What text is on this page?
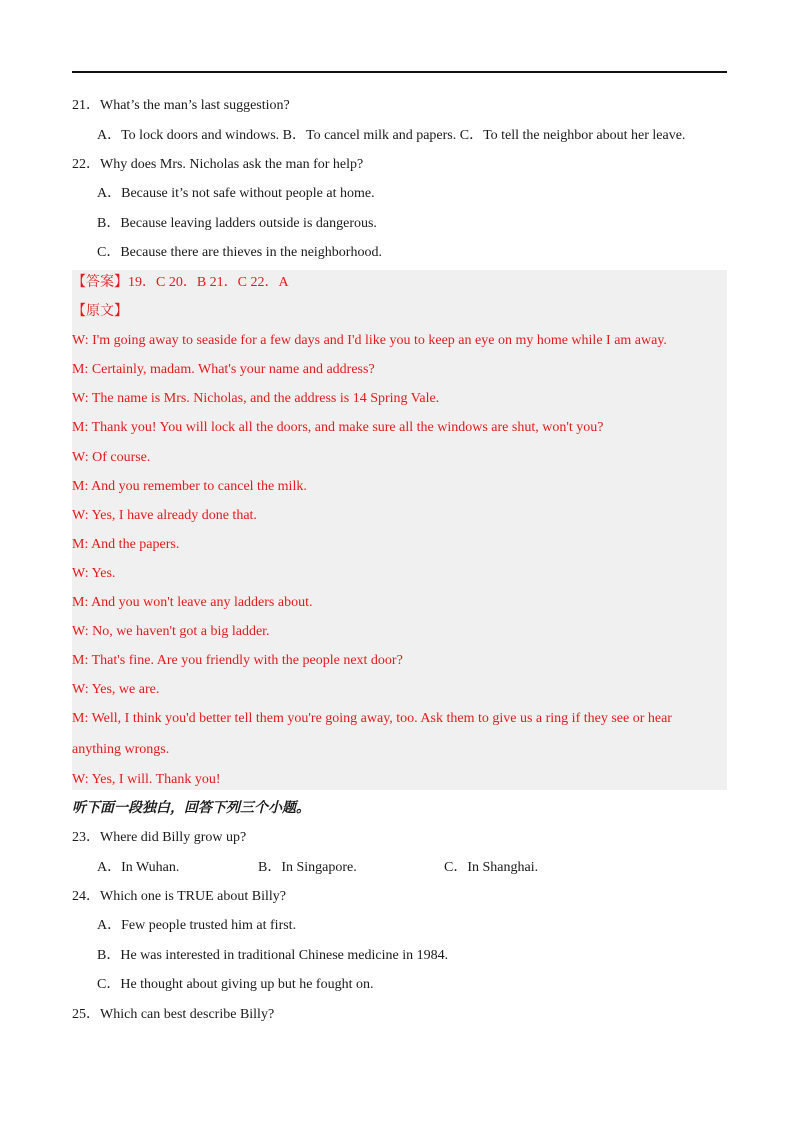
21．What’s the man’s last suggestion?
A．To lock doors and windows. B．To cancel milk and papers. C．To tell the neighbor about her leave.
22．Why does Mrs. Nicholas ask the man for help?
A．Because it’s not safe without people at home.
B．Because leaving ladders outside is dangerous.
C．Because there are thieves in the neighborhood.
【答案】19．C 20．B 21．C 22．A
【原文】
W: I'm going away to seaside for a few days and I'd like you to keep an eye on my home while I am away.
M: Certainly, madam. What's your name and address?
W: The name is Mrs. Nicholas, and the address is 14 Spring Vale.
M: Thank you! You will lock all the doors, and make sure all the windows are shut, won't you?
W: Of course.
M: And you remember to cancel the milk.
W: Yes, I have already done that.
M: And the papers.
W: Yes.
M: And you won't leave any ladders about.
W: No, we haven't got a big ladder.
M: That's fine. Are you friendly with the people next door?
W: Yes, we are.
M: Well, I think you'd better tell them you're going away, too. Ask them to give us a ring if they see or hear
anything wrongs.
W: Yes, I will. Thank you!
听下面一段独白，回答下列三个小题。
23．Where did Billy grow up?
A．In Wuhan.	B．In Singapore.	C．In Shanghai.
24．Which one is TRUE about Billy?
A．Few people trusted him at first.
B．He was interested in traditional Chinese medicine in 1984.
C．He thought about giving up but he fought on.
25．Which can best describe Billy?
